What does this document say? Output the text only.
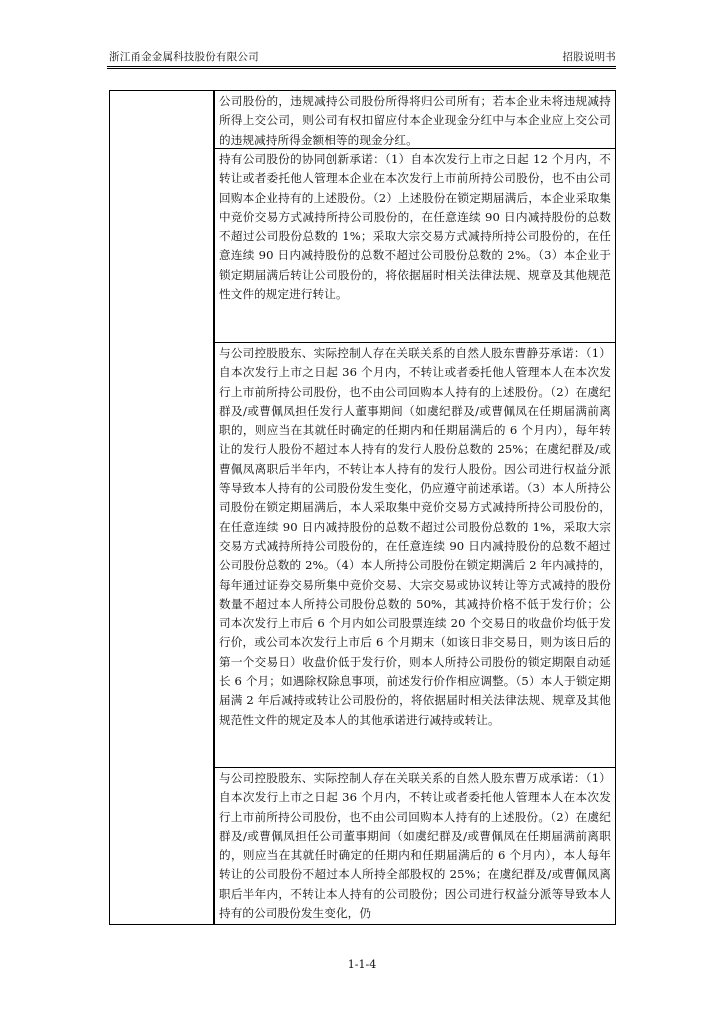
浙江甬金金属科技股份有限公司	招股说明书
公司股份的，违规减持公司股份所得将归公司所有；若本企业未将违规减持所得上交公司，则公司有权扣留应付本企业现金分红中与本企业应上交公司的违规减持所得金额相等的现金分红。
持有公司股份的协同创新承诺：（1）自本次发行上市之日起 12 个月内，不转让或者委托他人管理本企业在本次发行上市前所持公司股份，也不由公司回购本企业持有的上述股份。（2）上述股份在锁定期届满后，本企业采取集中竞价交易方式减持所持公司股份的，在任意连续 90 日内减持股份的总数不超过公司股份总数的 1%；采取大宗交易方式减持所持公司股份的，在任意连续 90 日内减持股份的总数不超过公司股份总数的 2%。（3）本企业于锁定期届满后转让公司股份的，将依据届时相关法律法规、规章及其他规范性文件的规定进行转让。
与公司控股股东、实际控制人存在关联关系的自然人股东曹静芬承诺：（1）自本次发行上市之日起 36 个月内，不转让或者委托他人管理本人在本次发行上市前所持公司股份，也不由公司回购本人持有的上述股份。（2）在虞纪群及/或曹佩凤担任发行人董事期间（如虞纪群及/或曹佩凤在任期届满前离职的，则应当在其就任时确定的任期内和任期届满后的 6 个月内），每年转让的发行人股份不超过本人持有的发行人股份总数的 25%；在虞纪群及/或曹佩凤离职后半年内，不转让本人持有的发行人股份。因公司进行权益分派等导致本人持有的公司股份发生变化，仍应遵守前述承诺。（3）本人所持公司股份在锁定期届满后，本人采取集中竞价交易方式减持所持公司股份的，在任意连续 90 日内减持股份的总数不超过公司股份总数的 1%，采取大宗交易方式减持所持公司股份的，在任意连续 90 日内减持股份的总数不超过公司股份总数的 2%。（4）本人所持公司股份在锁定期满后 2 年内减持的，每年通过证券交易所集中竞价交易、大宗交易或协议转让等方式减持的股份数量不超过本人所持公司股份总数的 50%，其减持价格不低于发行价；公司本次发行上市后 6 个月内如公司股票连续 20 个交易日的收盘价均低于发行价，或公司本次发行上市后 6 个月期末（如该日非交易日，则为该日后的第一个交易日）收盘价低于发行价，则本人所持公司股份的锁定期限自动延长 6 个月；如遇除权除息事项，前述发行价作相应调整。（5）本人于锁定期届满 2 年后减持或转让公司股份的，将依据届时相关法律法规、规章及其他规范性文件的规定及本人的其他承诺进行减持或转让。
与公司控股股东、实际控制人存在关联关系的自然人股东曹万成承诺：（1）自本次发行上市之日起 36 个月内，不转让或者委托他人管理本人在本次发行上市前所持公司股份，也不由公司回购本人持有的上述股份。（2）在虞纪群及/或曹佩凤担任公司董事期间（如虞纪群及/或曹佩凤在任期届满前离职的，则应当在其就任时确定的任期内和任期届满后的 6 个月内），本人每年转让的公司股份不超过本人所持全部股权的 25%；在虞纪群及/或曹佩凤离职后半年内，不转让本人持有的公司股份；因公司进行权益分派等导致本人持有的公司股份发生变化，仍
1-1-4
